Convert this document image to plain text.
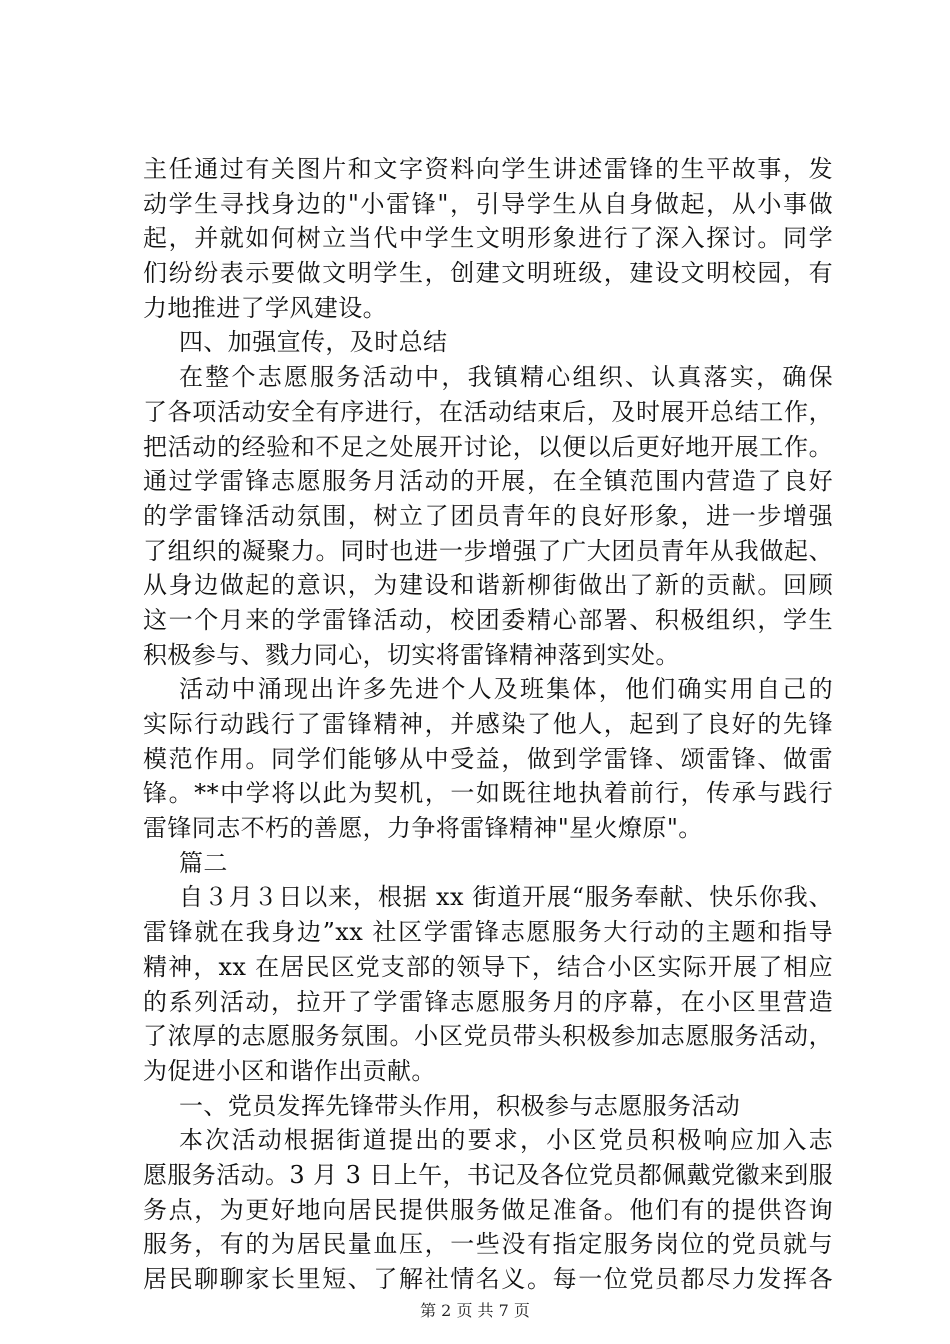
主任通过有关图片和文字资料向学生讲述雷锋的生平故事，发
动学生寻找身边的"小雷锋"，引导学生从自身做起，从小事做
起，并就如何树立当代中学生文明形象进行了深入探讨。同学
们纷纷表示要做文明学生，创建文明班级，建设文明校园，有
力地推进了学风建设。
四、加强宣传，及时总结
在整个志愿服务活动中，我镇精心组织、认真落实，确保
了各项活动安全有序进行，在活动结束后，及时展开总结工作，
把活动的经验和不足之处展开讨论，以便以后更好地开展工作。
通过学雷锋志愿服务月活动的开展，在全镇范围内营造了良好
的学雷锋活动氛围，树立了团员青年的良好形象，进一步增强
了组织的凝聚力。同时也进一步增强了广大团员青年从我做起、
从身边做起的意识，为建设和谐新柳街做出了新的贡献。回顾
这一个月来的学雷锋活动，校团委精心部署、积极组织，学生
积极参与、戮力同心，切实将雷锋精神落到实处。
活动中涌现出许多先进个人及班集体，他们确实用自己的
实际行动践行了雷锋精神，并感染了他人，起到了良好的先锋
模范作用。同学们能够从中受益，做到学雷锋、颂雷锋、做雷
锋。**中学将以此为契机，一如既往地执着前行，传承与践行
雷锋同志不朽的善愿，力争将雷锋精神"星火燎原"。
篇二
自３月３日以来，根据 xx 街道开展“服务奉献、快乐你我、
雷锋就在我身边”xx 社区学雷锋志愿服务大行动的主题和指导
精神，xx 在居民区党支部的领导下，结合小区实际开展了相应
的系列活动，拉开了学雷锋志愿服务月的序幕，在小区里营造
了浓厚的志愿服务氛围。小区党员带头积极参加志愿服务活动，
为促进小区和谐作出贡献。
一、党员发挥先锋带头作用，积极参与志愿服务活动
本次活动根据街道提出的要求，小区党员积极响应加入志
愿服务活动。3 月 3 日上午，书记及各位党员都佩戴党徽来到服
务点，为更好地向居民提供服务做足准备。他们有的提供咨询
服务，有的为居民量血压，一些没有指定服务岗位的党员就与
居民聊聊家长里短、了解社情名义。每一位党员都尽力发挥各
第 2 页 共 7 页
